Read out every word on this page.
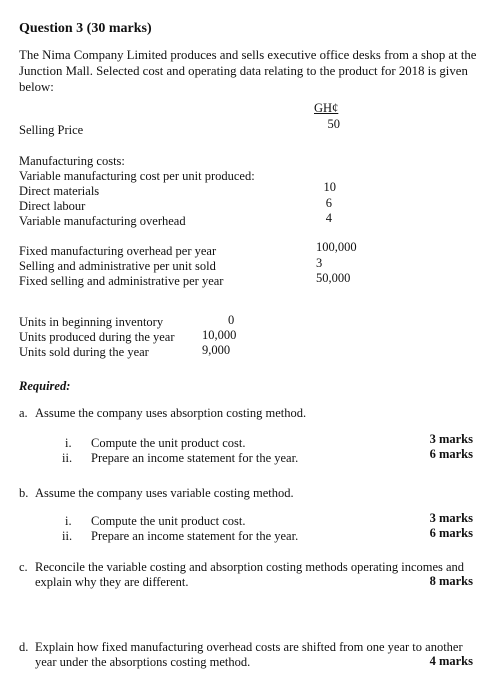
Question 3 (30 marks)
The Nima Company Limited produces and sells executive office desks from a shop at the Junction Mall. Selected cost and operating data relating to the product for 2018 is given below:
GH¢
Selling Price	50
Manufacturing costs:
Variable manufacturing cost per unit produced:
Direct materials	10
Direct labour	6
Variable manufacturing overhead	4
Fixed manufacturing overhead per year	100,000
Selling and administrative per unit sold	3
Fixed selling and administrative per year	50,000
Units in beginning inventory	0
Units produced during the year 10,000
Units sold during the year	9,000
Required:
a. Assume the company uses absorption costing method.
i. Compute the unit product cost.	3 marks
ii. Prepare an income statement for the year.	6 marks
b. Assume the company uses variable costing method.
i. Compute the unit product cost.	3 marks
ii. Prepare an income statement for the year.	6 marks
c. Reconcile the variable costing and absorption costing methods operating incomes and
explain why they are different.	8 marks
d. Explain how fixed manufacturing overhead costs are shifted from one year to another
year under the absorptions costing method.	4 marks
